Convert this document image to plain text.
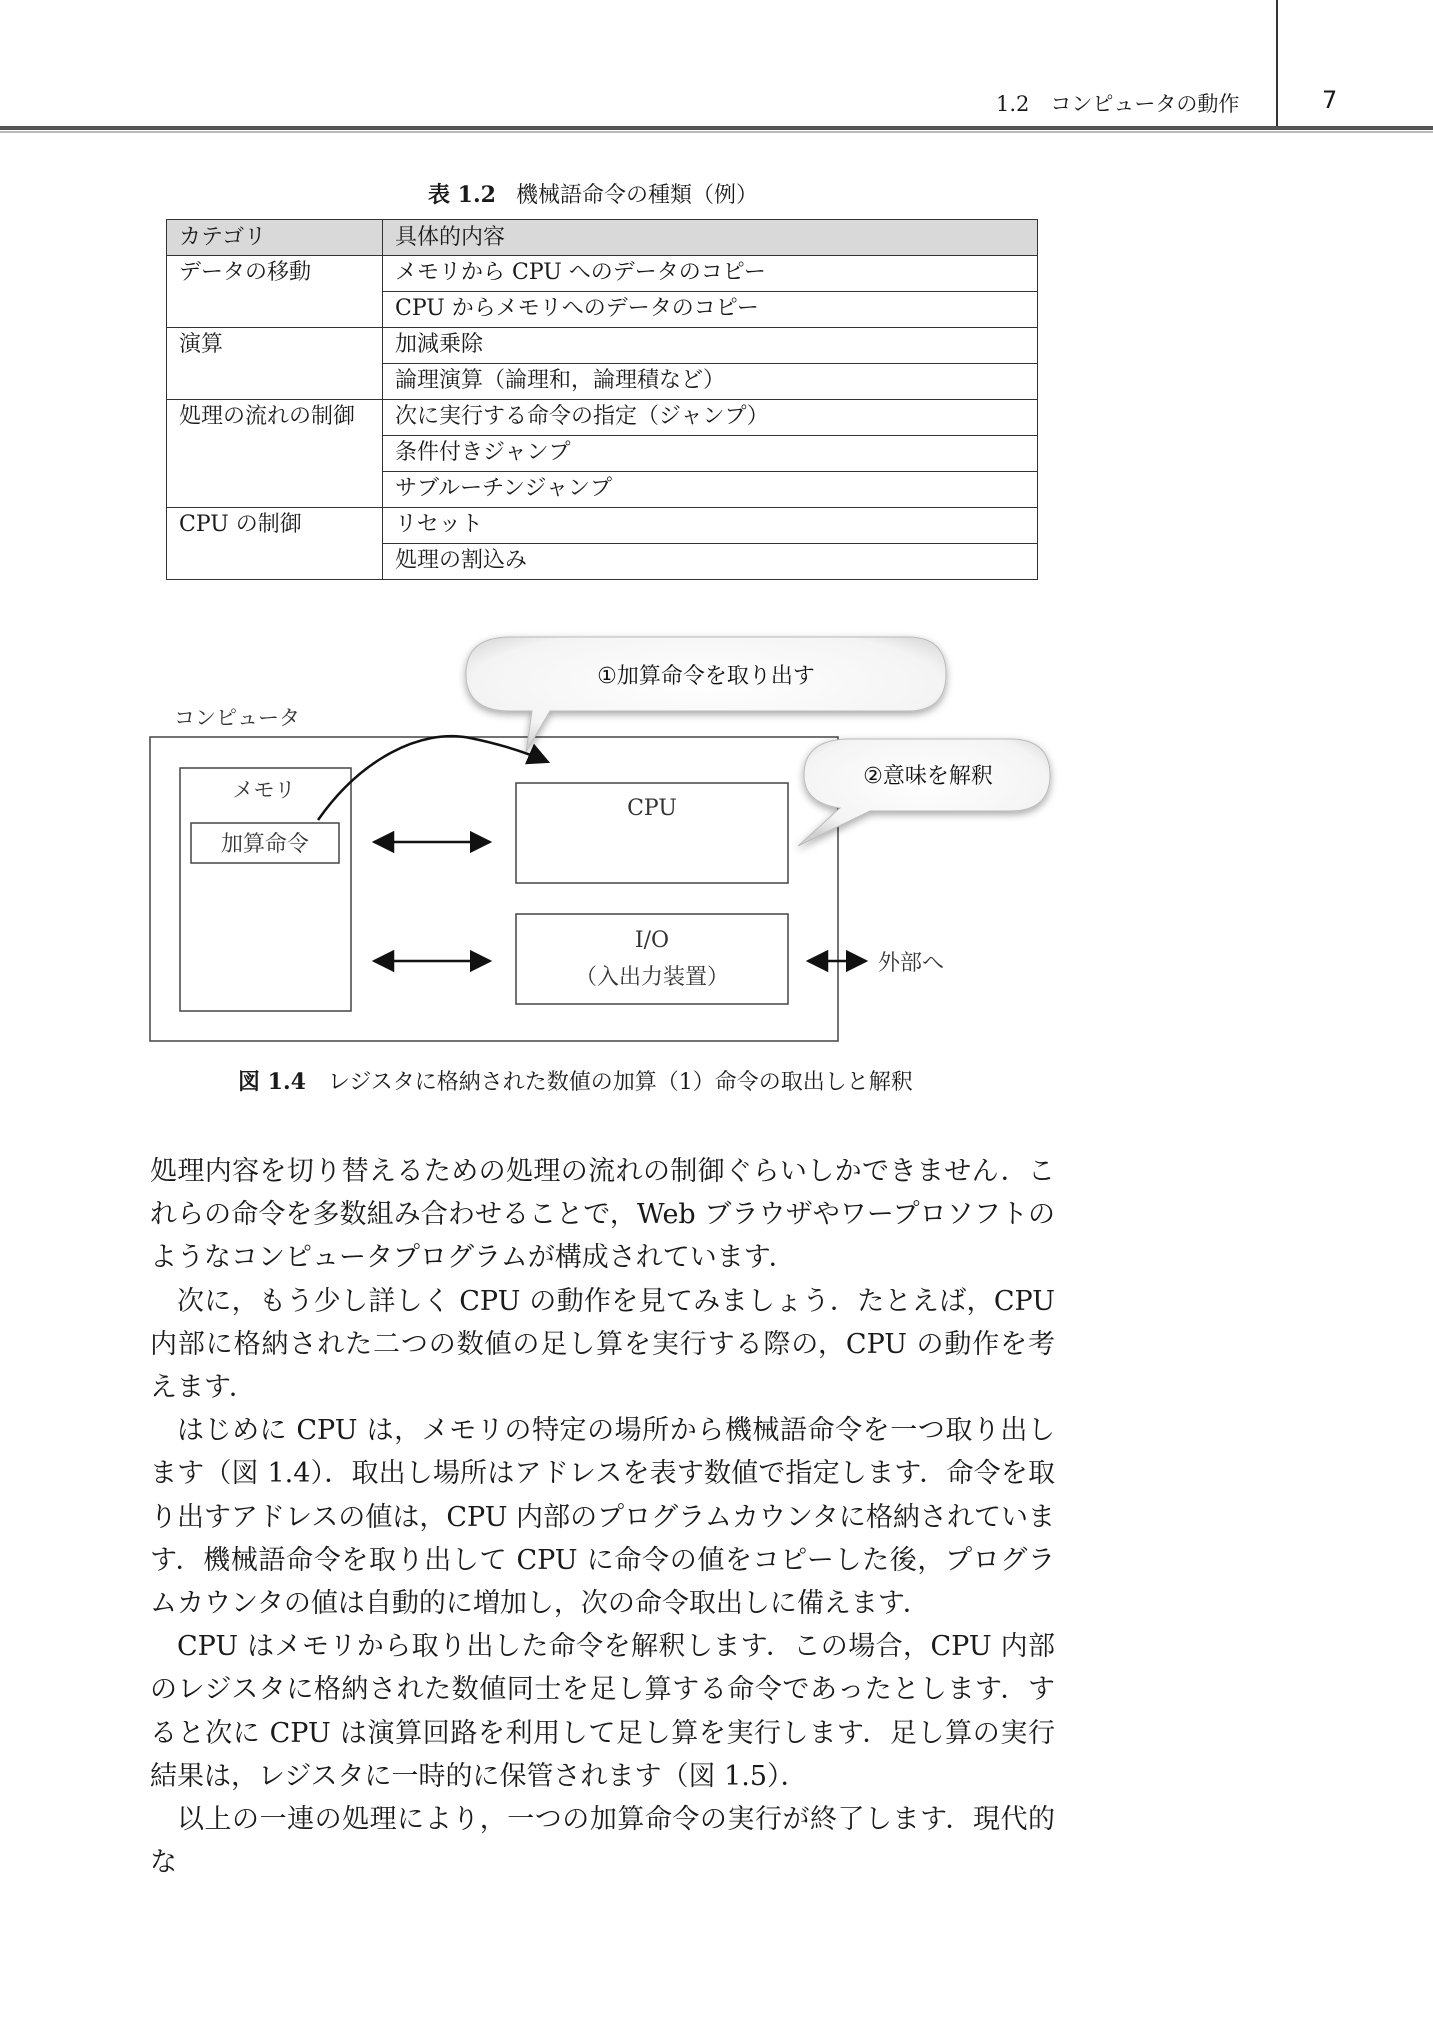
1.2　コンピュータの動作	7
表 1.2 機械語命令の種類（例）
カテゴリ	具体的内容
データの移動	メモリから CPU へのデータのコピー
	CPU からメモリへのデータのコピー
演算	加減乗除
	論理演算（論理和，論理積など）
処理の流れの制御	次に実行する命令の指定（ジャンプ）
	条件付きジャンプ
	サブルーチンジャンプ
CPU の制御	リセット
	処理の割込み
コンピュータ
メモリ
加算命令
CPU
I/O
（入出力装置）
外部へ
①加算命令を取り出す
②意味を解釈
図 1.4 レジスタに格納された数値の加算（1）命令の取出しと解釈

処理内容を切り替えるための処理の流れの制御ぐらいしかできません．これらの命令を多数組み合わせることで，Web ブラウザやワープロソフトのようなコンピュータプログラムが構成されています．

次に，もう少し詳しく CPU の動作を見てみましょう．たとえば，CPU 内部に格納された二つの数値の足し算を実行する際の，CPU の動作を考えます．

はじめに CPU は，メモリの特定の場所から機械語命令を一つ取り出します（図 1.4）．取出し場所はアドレスを表す数値で指定します．命令を取り出すアドレスの値は，CPU 内部のプログラムカウンタに格納されています．機械語命令を取り出して CPU に命令の値をコピーした後，プログラムカウンタの値は自動的に増加し，次の命令取出しに備えます．

CPU はメモリから取り出した命令を解釈します．この場合，CPU 内部のレジスタに格納された数値同士を足し算する命令であったとします．すると次に CPU は演算回路を利用して足し算を実行します．足し算の実行結果は，レジスタに一時的に保管されます（図 1.5）．

以上の一連の処理により，一つの加算命令の実行が終了します．現代的な
